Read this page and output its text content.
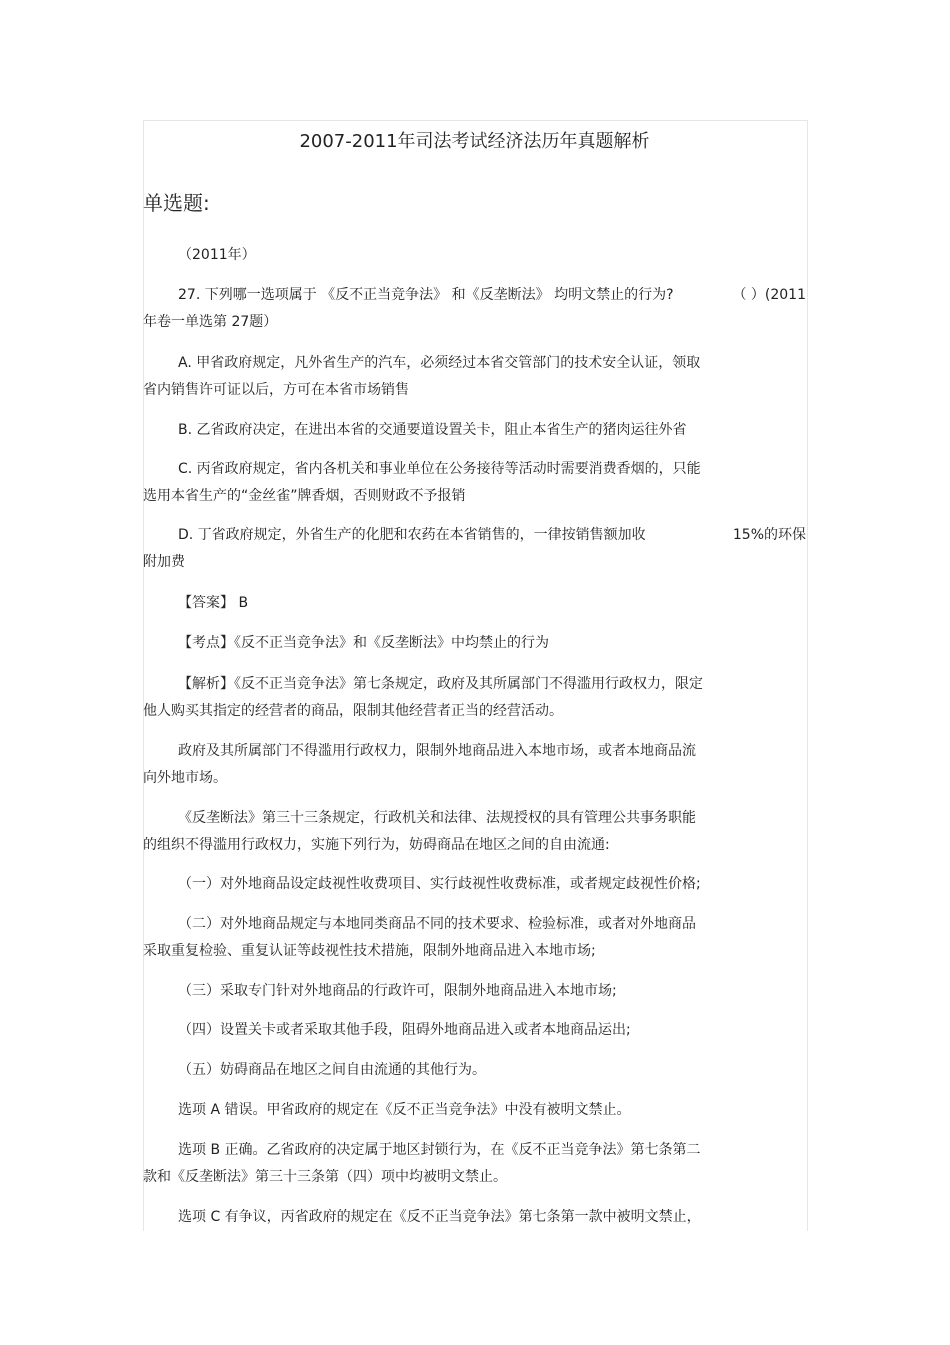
2007-2011年司法考试经济法历年真题解析
单选题:
（2011年）
27. 下列哪一选项属于 《反不正当竞争法》 和《反垄断法》 均明文禁止的行为?	（ ）(2011
年卷一单选第 27题）
A. 甲省政府规定，凡外省生产的汽车，必须经过本省交管部门的技术安全认证，领取
省内销售许可证以后，方可在本省市场销售
B. 乙省政府决定，在进出本省的交通要道设置关卡，阻止本省生产的猪肉运往外省
C. 丙省政府规定，省内各机关和事业单位在公务接待等活动时需要消费香烟的，只能
选用本省生产的“金丝雀”牌香烟，否则财政不予报销
D. 丁省政府规定，外省生产的化肥和农药在本省销售的，一律按销售额加收	15%的环保
附加费
【答案】 B
【考点】《反不正当竞争法》和《反垄断法》中均禁止的行为
【解析】《反不正当竞争法》第七条规定，政府及其所属部门不得滥用行政权力，限定
他人购买其指定的经营者的商品，限制其他经营者正当的经营活动。
政府及其所属部门不得滥用行政权力，限制外地商品进入本地市场，或者本地商品流
向外地市场。
《反垄断法》第三十三条规定，行政机关和法律、法规授权的具有管理公共事务职能
的组织不得滥用行政权力，实施下列行为，妨碍商品在地区之间的自由流通:
（一）对外地商品设定歧视性收费项目、实行歧视性收费标准，或者规定歧视性价格;
（二）对外地商品规定与本地同类商品不同的技术要求、检验标准，或者对外地商品
采取重复检验、重复认证等歧视性技术措施，限制外地商品进入本地市场;
（三）采取专门针对外地商品的行政许可，限制外地商品进入本地市场;
（四）设置关卡或者采取其他手段，阻碍外地商品进入或者本地商品运出;
（五）妨碍商品在地区之间自由流通的其他行为。
选项 A 错误。甲省政府的规定在《反不正当竞争法》中没有被明文禁止。
选项 B 正确。乙省政府的决定属于地区封锁行为，在《反不正当竞争法》第七条第二
款和《反垄断法》第三十三条第（四）项中均被明文禁止。
选项 C 有争议，丙省政府的规定在《反不正当竞争法》第七条第一款中被明文禁止，
